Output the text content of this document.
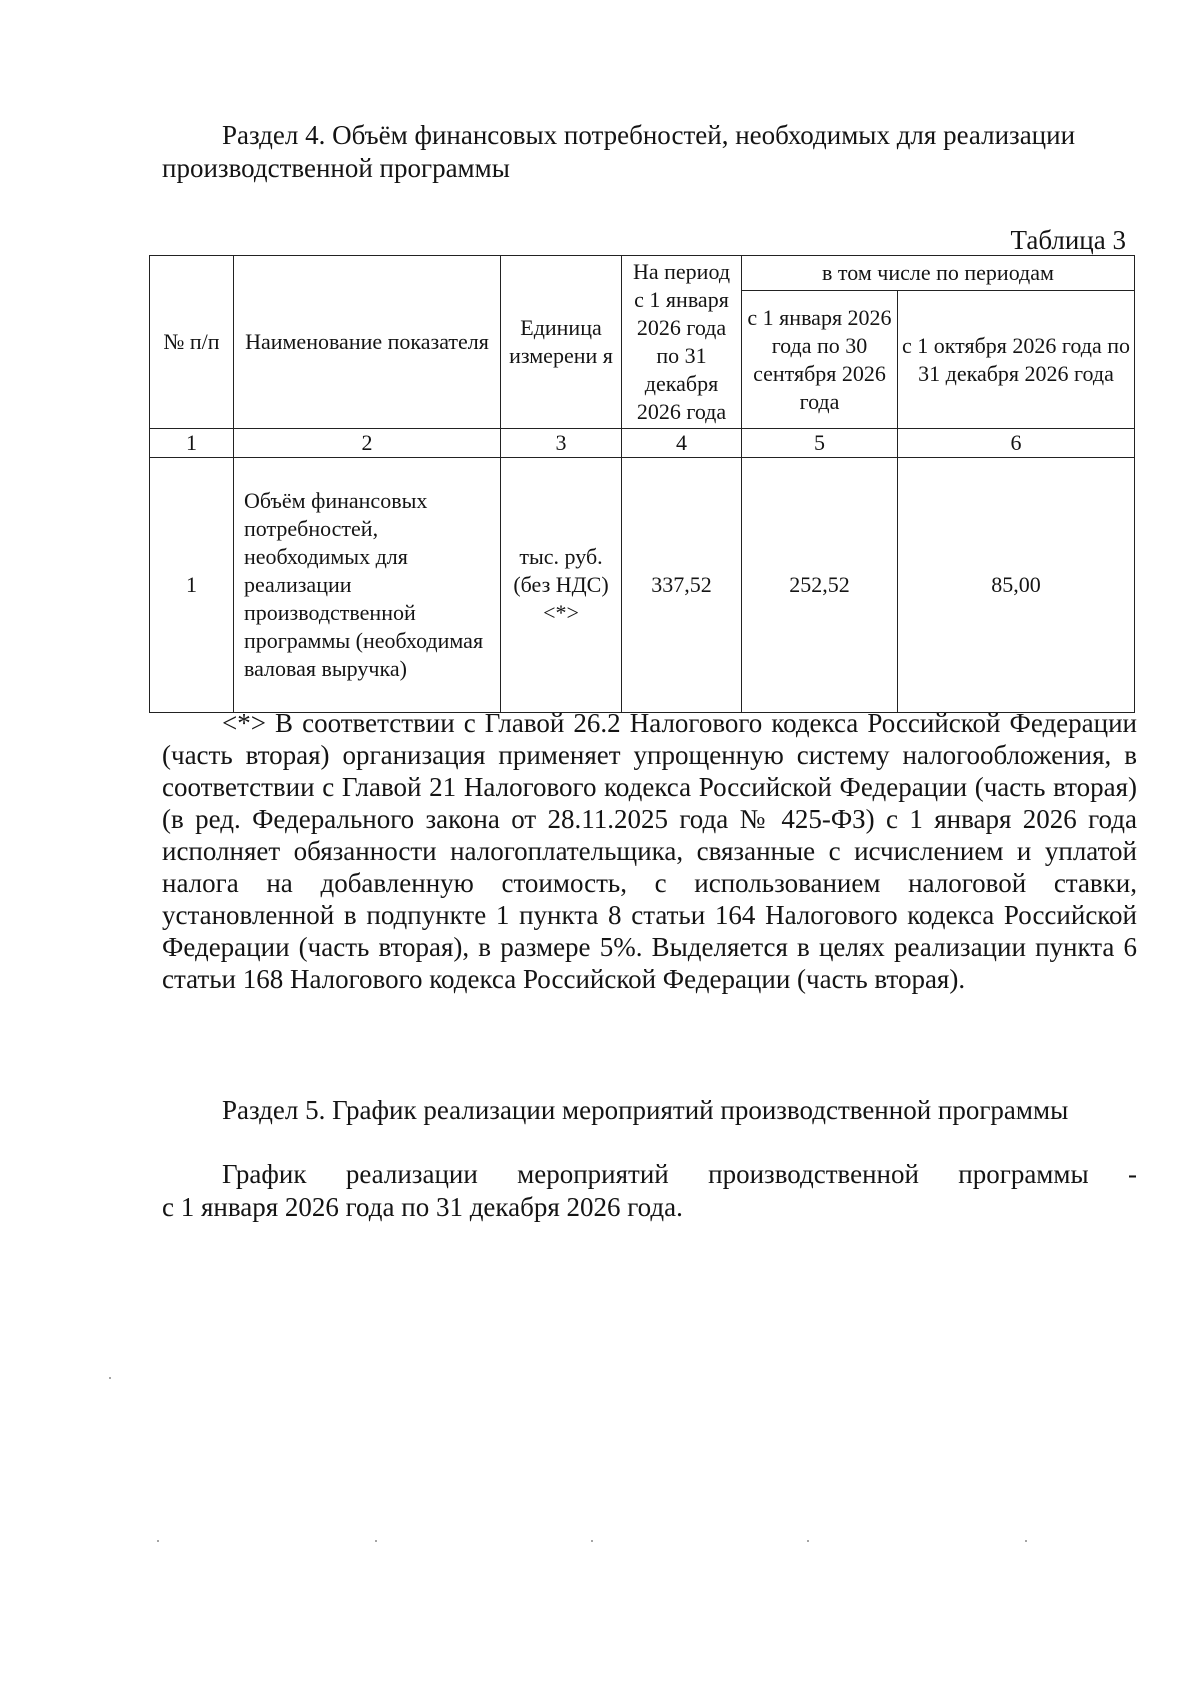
Раздел 4. Объём финансовых потребностей, необходимых для реализации
производственной программы

Таблица 3

№ п/п	Наименование показателя	Единица измерени я	На период с 1 января 2026 года по 31 декабря 2026 года	в том числе по периодам	
				с 1 января 2026 года по 30 сентября 2026 года	с 1 октября 2026 года по 31 декабря 2026 года
1	2	3	4	5	6
1	Объём финансовых потребностей, необходимых для реализации производственной программы (необходимая валовая выручка)	тыс. руб. (без НДС) <*>	337,52	252,52	85,00

<*> В соответствии с Главой 26.2 Налогового кодекса Российской Федерации (часть вторая) организация применяет упрощенную систему налогообложения, в соответствии с Главой 21 Налогового кодекса Российской Федерации (часть вторая) (в ред. Федерального закона от 28.11.2025 года № 425-ФЗ) с 1 января 2026 года исполняет обязанности налогоплательщика, связанные с исчислением и уплатой налога на добавленную стоимость, с использованием налоговой ставки, установленной в подпункте 1 пункта 8 статьи 164 Налогового кодекса Российской Федерации (часть вторая), в размере 5%. Выделяется в целях реализации пункта 6 статьи 168 Налогового кодекса Российской Федерации (часть вторая).

Раздел 5. График реализации мероприятий производственной программы

График реализации мероприятий производственной программы -
с 1 января 2026 года по 31 декабря 2026 года.
